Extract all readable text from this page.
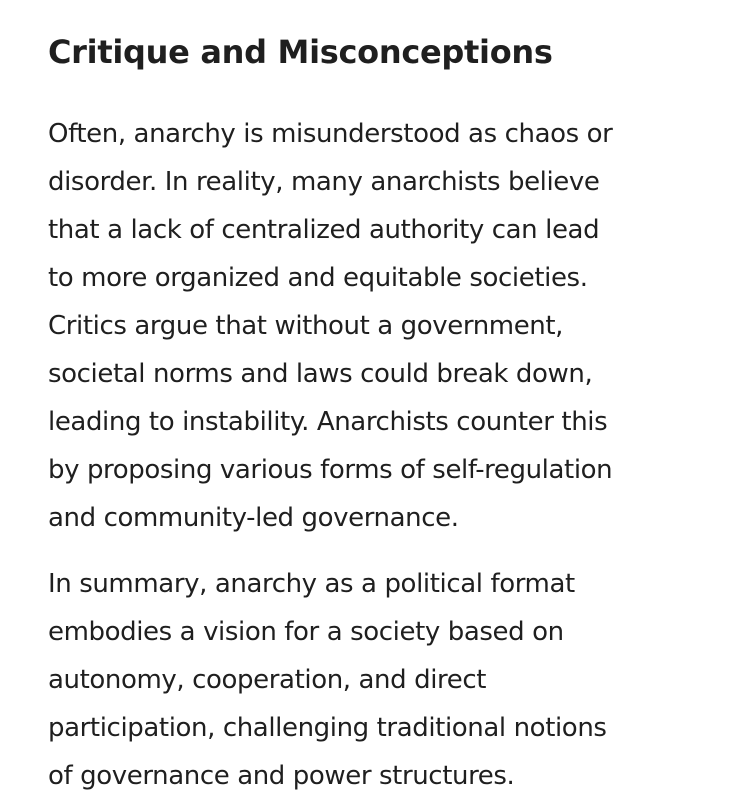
Critique and Misconceptions

Often, anarchy is misunderstood as chaos or
disorder. In reality, many anarchists believe
that a lack of centralized authority can lead
to more organized and equitable societies.
Critics argue that without a government,
societal norms and laws could break down,
leading to instability. Anarchists counter this
by proposing various forms of self-regulation
and community-led governance.

In summary, anarchy as a political format
embodies a vision for a society based on
autonomy, cooperation, and direct
participation, challenging traditional notions
of governance and power structures.
